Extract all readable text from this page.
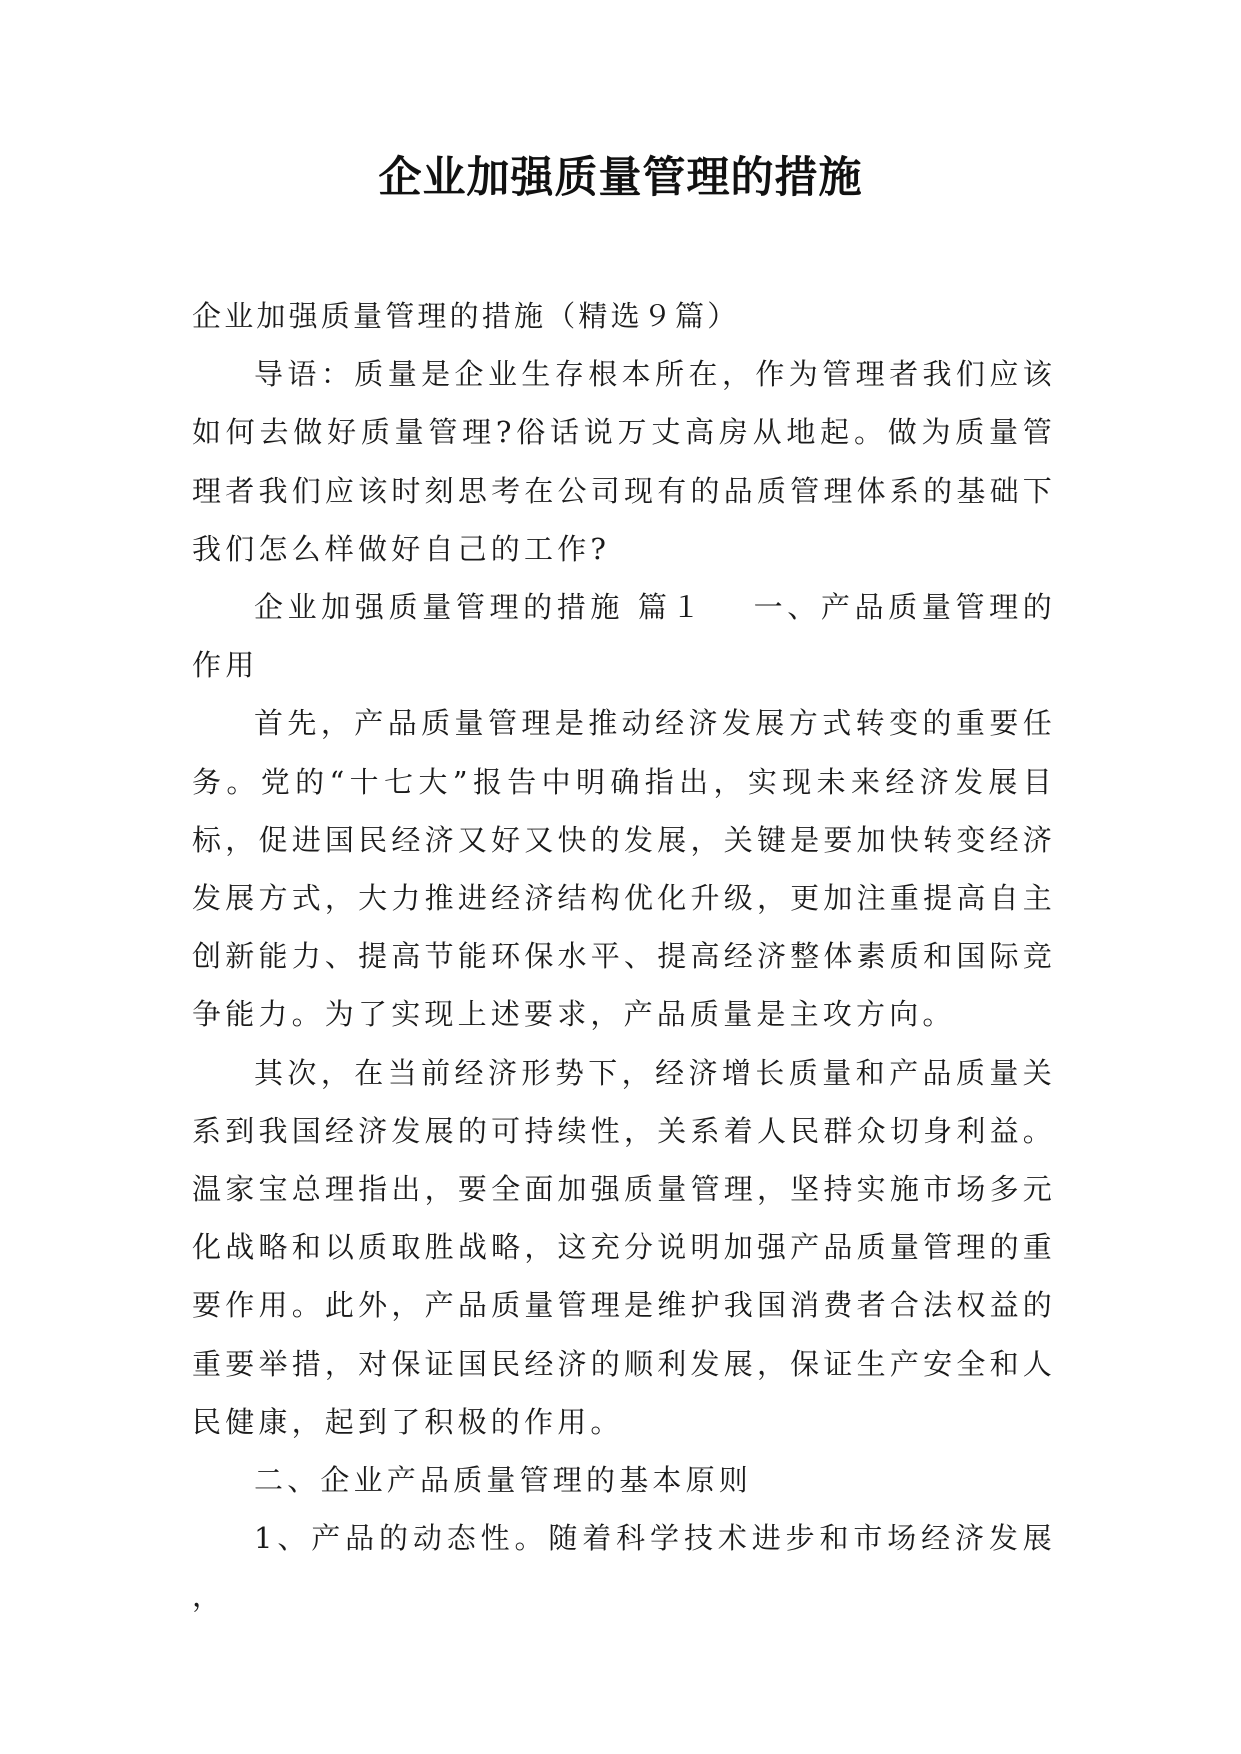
企业加强质量管理的措施

企业加强质量管理的措施（精选９篇）

导语：质量是企业生存根本所在，作为管理者我们应该如何去做好质量管理?俗话说万丈高房从地起。做为质量管理者我们应该时刻思考在公司现有的品质管理体系的基础下我们怎么样做好自己的工作?

企业加强质量管理的措施 篇１ 一、产品质量管理的作用

首先，产品质量管理是推动经济发展方式转变的重要任务。党的“十七大”报告中明确指出，实现未来经济发展目标，促进国民经济又好又快的发展，关键是要加快转变经济发展方式，大力推进经济结构优化升级，更加注重提高自主创新能力、提高节能环保水平、提高经济整体素质和国际竞争能力。为了实现上述要求，产品质量是主攻方向。

其次，在当前经济形势下，经济增长质量和产品质量关系到我国经济发展的可持续性，关系着人民群众切身利益。温家宝总理指出，要全面加强质量管理，坚持实施市场多元化战略和以质取胜战略，这充分说明加强产品质量管理的重要作用。此外，产品质量管理是维护我国消费者合法权益的重要举措，对保证国民经济的顺利发展，保证生产安全和人民健康，起到了积极的作用。

二、企业产品质量管理的基本原则

1、产品的动态性。随着科学技术进步和市场经济发展，
